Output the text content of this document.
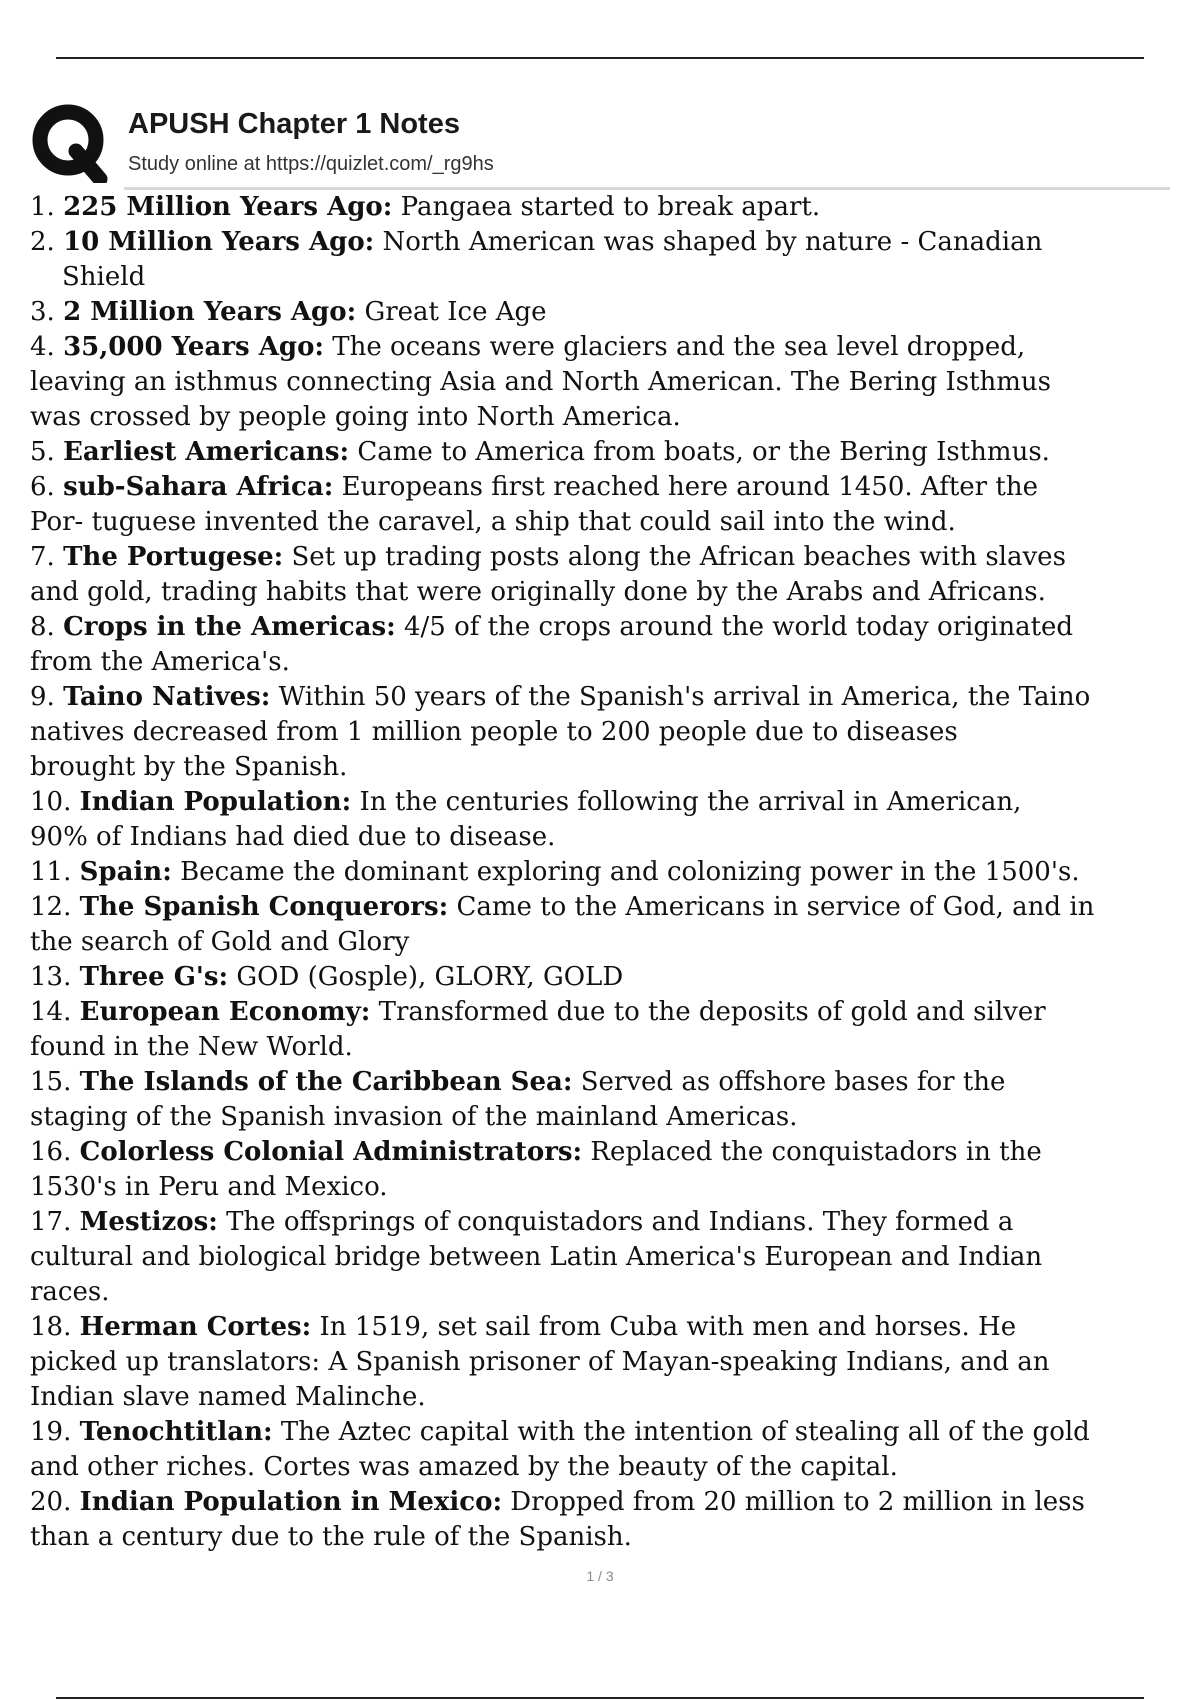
APUSH Chapter 1 Notes
Study online at https://quizlet.com/_rg9hs
1. 225 Million Years Ago: Pangaea started to break apart.
2. 10 Million Years Ago: North American was shaped by nature - Canadian
Shield
3. 2 Million Years Ago: Great Ice Age
4. 35,000 Years Ago: The oceans were glaciers and the sea level dropped,
leaving an isthmus connecting Asia and North American. The Bering Isthmus
was crossed by people going into North America.
5. Earliest Americans: Came to America from boats, or the Bering Isthmus.
6. sub-Sahara Africa: Europeans first reached here around 1450. After the
Por- tuguese invented the caravel, a ship that could sail into the wind.
7. The Portugese: Set up trading posts along the African beaches with slaves
and gold, trading habits that were originally done by the Arabs and Africans.
8. Crops in the Americas: 4/5 of the crops around the world today originated
from the America's.
9. Taino Natives: Within 50 years of the Spanish's arrival in America, the Taino
natives decreased from 1 million people to 200 people due to diseases
brought by the Spanish.
10. Indian Population: In the centuries following the arrival in American,
90% of Indians had died due to disease.
11. Spain: Became the dominant exploring and colonizing power in the 1500's.
12. The Spanish Conquerors: Came to the Americans in service of God, and in
the search of Gold and Glory
13. Three G's: GOD (Gosple), GLORY, GOLD
14. European Economy: Transformed due to the deposits of gold and silver
found in the New World.
15. The Islands of the Caribbean Sea: Served as offshore bases for the
staging of the Spanish invasion of the mainland Americas.
16. Colorless Colonial Administrators: Replaced the conquistadors in the
1530's in Peru and Mexico.
17. Mestizos: The offsprings of conquistadors and Indians. They formed a
cultural and biological bridge between Latin America's European and Indian
races.
18. Herman Cortes: In 1519, set sail from Cuba with men and horses. He
picked up translators: A Spanish prisoner of Mayan-speaking Indians, and an
Indian slave named Malinche.
19. Tenochtitlan: The Aztec capital with the intention of stealing all of the gold
and other riches. Cortes was amazed by the beauty of the capital.
20. Indian Population in Mexico: Dropped from 20 million to 2 million in less
than a century due to the rule of the Spanish.
1 / 3
